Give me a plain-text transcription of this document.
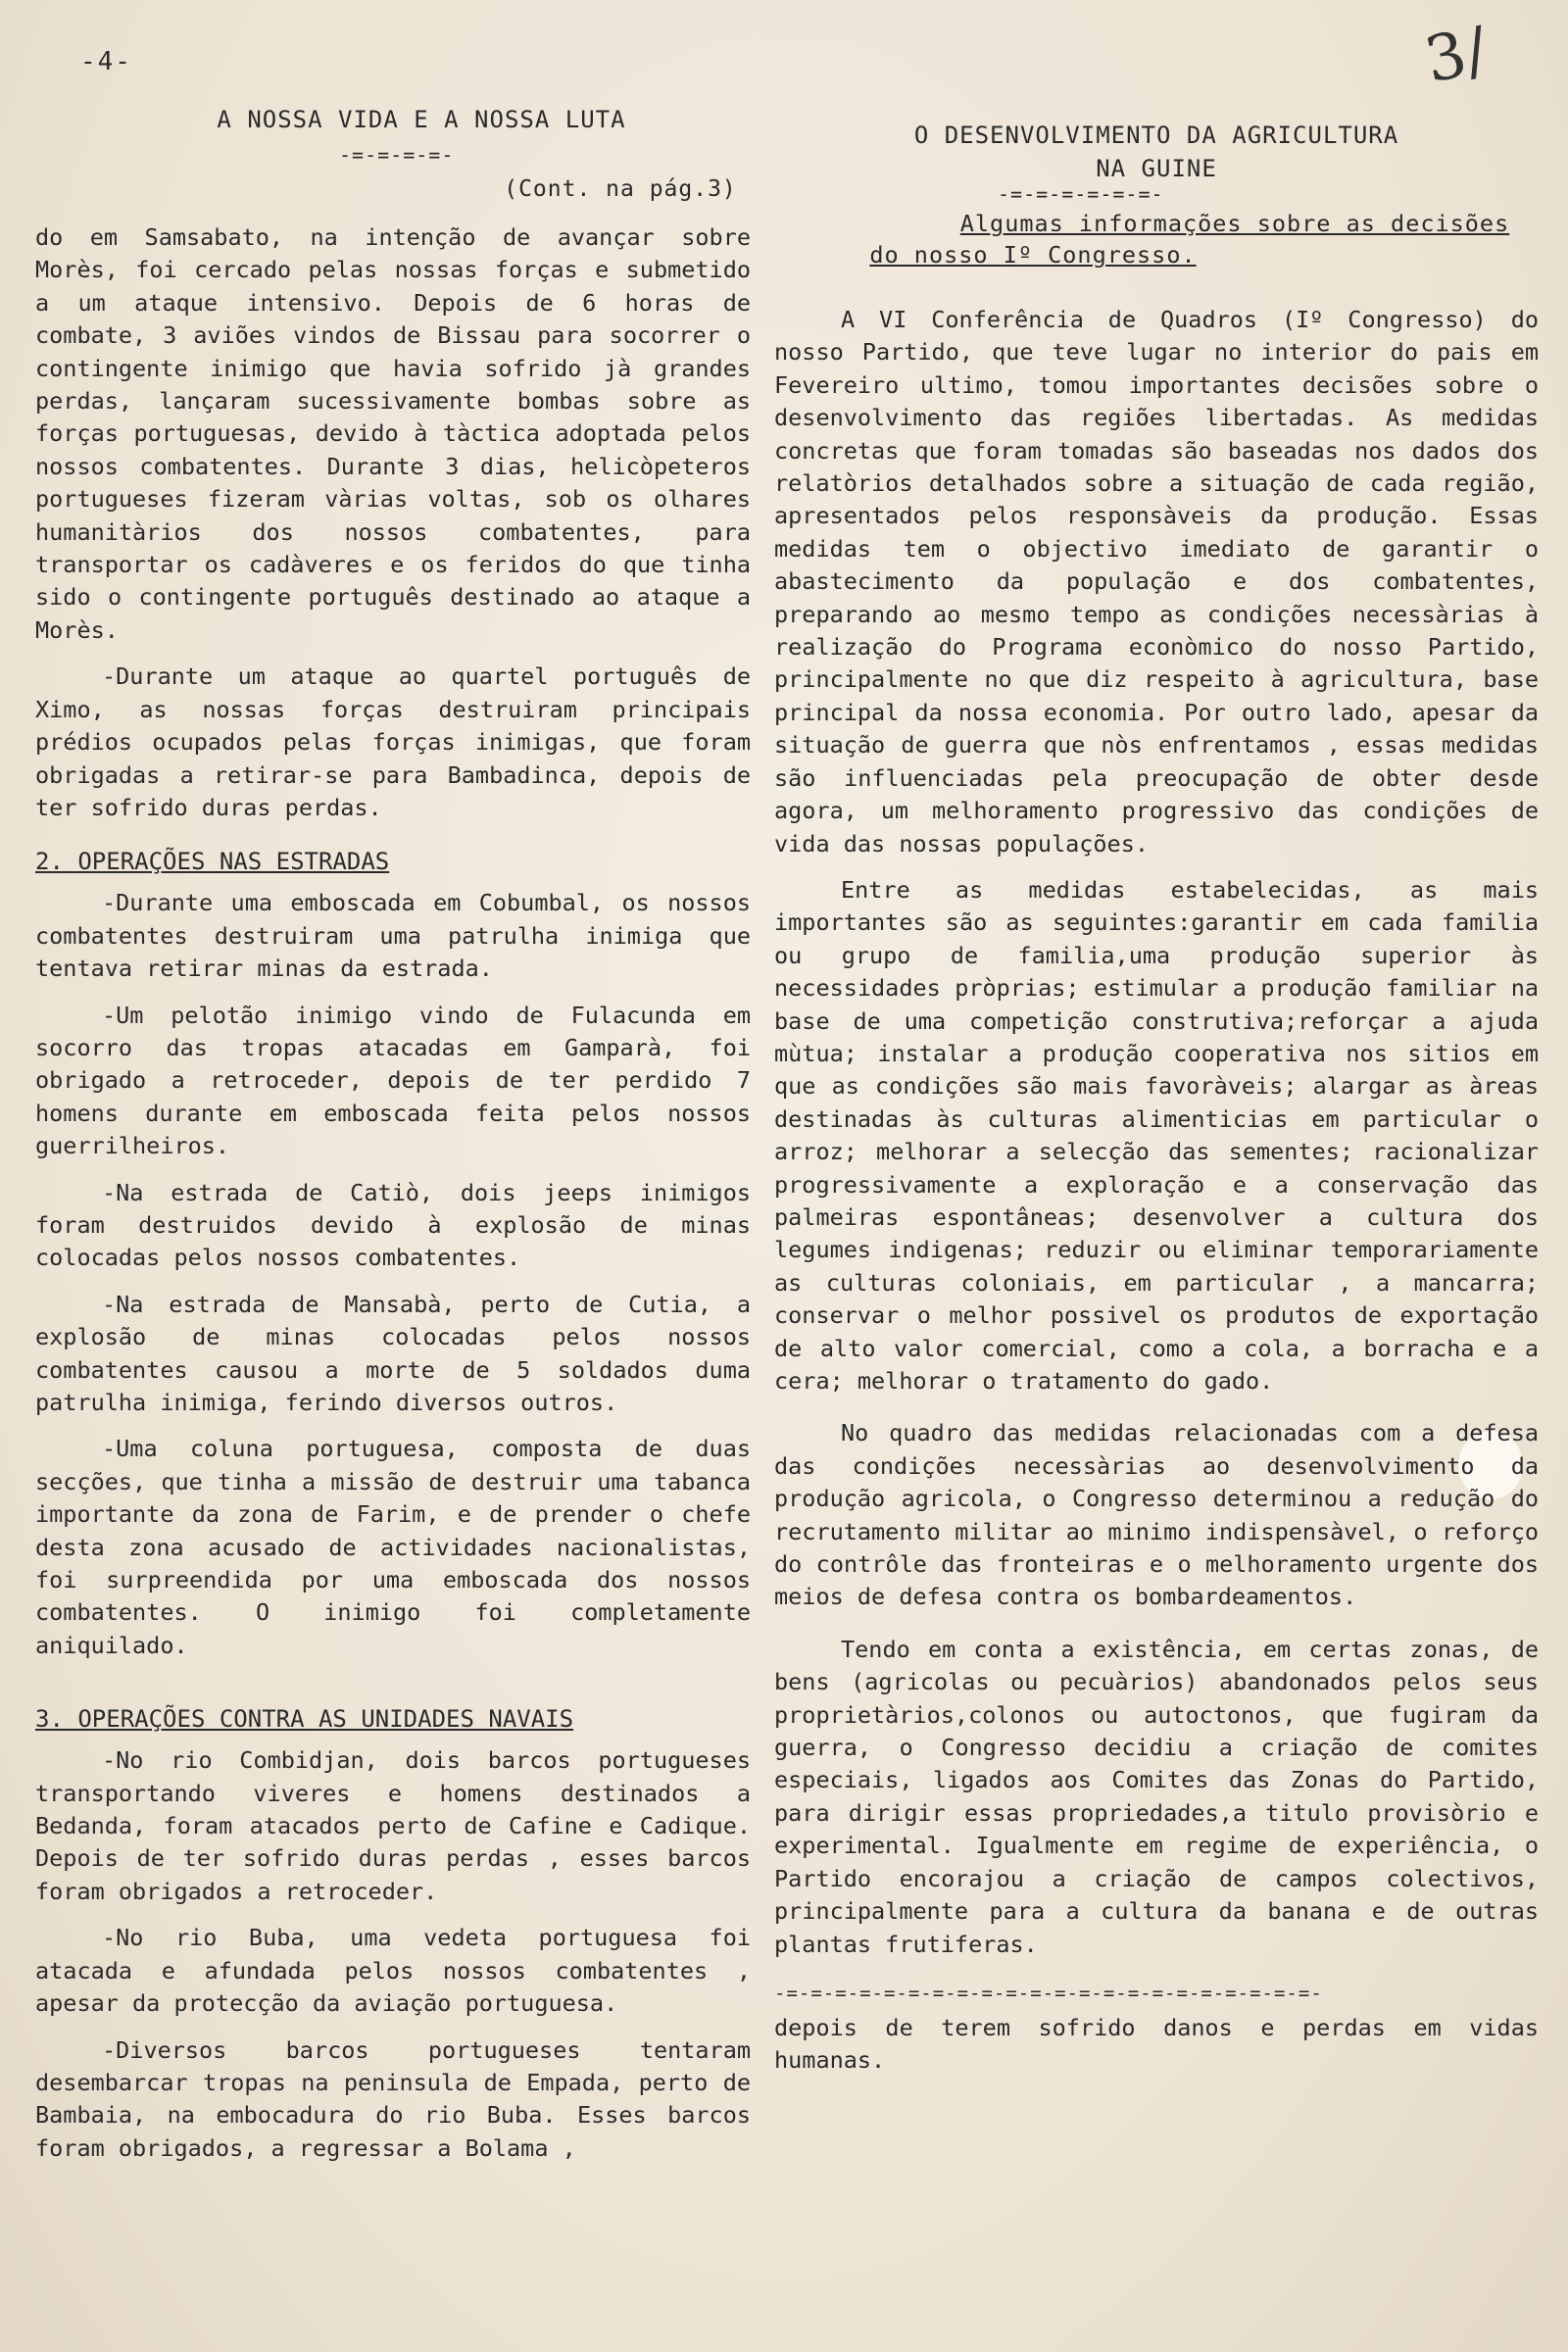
-4-	3/
A NOSSA VIDA E A NOSSA LUTA
-=-=-=-=-
(Cont. na pág.3)

do em Samsabato, na intenção de avançar sobre Morès, foi cercado pelas nossas forças e submetido a um ataque intensivo. Depois de 6 horas de combate, 3 aviões vindos de Bissau para socorrer o contingente inimigo que havia sofrido jà grandes perdas, lançaram sucessivamente bombas sobre as forças portuguesas, devido à tàctica adoptada pelos nossos combatentes. Durante 3 dias, helicòpeteros portugueses fizeram vàrias voltas, sob os olhares humanitàrios dos nossos combatentes, para transportar os cadàveres e os feridos do que tinha sido o contingente português destinado ao ataque a Morès.

-Durante um ataque ao quartel português de Ximo, as nossas forças destruiram principais prédios ocupados pelas forças inimigas, que foram obrigadas a retirar-se para Bambadinca, depois de ter sofrido duras perdas.

2. OPERAÇÕES NAS ESTRADAS

-Durante uma emboscada em Cobumbal, os nossos combatentes destruiram uma patrulha inimiga que tentava retirar minas da estrada.

-Um pelotão inimigo vindo de Fulacunda em socorro das tropas atacadas em Gamparà, foi obrigado a retroceder, depois de ter perdido 7 homens durante em emboscada feita pelos nossos guerrilheiros.

-Na estrada de Catiò, dois jeeps inimigos foram destruidos devido à explosão de minas colocadas pelos nossos combatentes.

-Na estrada de Mansabà, perto de Cutia, a explosão de minas colocadas pelos nossos combatentes causou a morte de 5 soldados duma patrulha inimiga, ferindo diversos outros.

-Uma coluna portuguesa, composta de duas secções, que tinha a missão de destruir uma tabanca importante da zona de Farim, e de prender o chefe desta zona acusado de actividades nacionalistas, foi surpreendida por uma emboscada dos nossos combatentes. O inimigo foi completamente aniquilado.

3. OPERAÇÕES CONTRA AS UNIDADES NAVAIS

-No rio Combidjan, dois barcos portugueses transportando viveres e homens destinados a Bedanda, foram atacados perto de Cafine e Cadique. Depois de ter sofrido duras perdas , esses barcos foram obrigados a retroceder.

-No rio Buba, uma vedeta portuguesa foi atacada e afundada pelos nossos combatentes , apesar da protecção da aviação portuguesa.

-Diversos barcos portugueses tentaram desembarcar tropas na peninsula de Empada, perto de Bambaia, na embocadura do rio Buba. Esses barcos foram obrigados, a regressar a Bolama ,

O DESENVOLVIMENTO DA AGRICULTURA
NA GUINE
-=-=-=-=-=-=-
Algumas informações sobre as decisões
do nosso Iº Congresso.

A VI Conferência de Quadros (Iº Congresso) do nosso Partido, que teve lugar no interior do pais em Fevereiro ultimo, tomou importantes decisões sobre o desenvolvimento das regiões libertadas. As medidas concretas que foram tomadas são baseadas nos dados dos relatòrios detalhados sobre a situação de cada região, apresentados pelos responsàveis da produção. Essas medidas tem o objectivo imediato de garantir o abastecimento da população e dos combatentes, preparando ao mesmo tempo as condições necessàrias à realização do Programa econòmico do nosso Partido, principalmente no que diz respeito à agricultura, base principal da nossa economia. Por outro lado, apesar da situação de guerra que nòs enfrentamos , essas medidas são influenciadas pela preocupação de obter desde agora, um melhoramento progressivo das condições de vida das nossas populações.

Entre as medidas estabelecidas, as mais importantes são as seguintes:garantir em cada familia ou grupo de familia,uma produção superior às necessidades pròprias; estimular a produção familiar na base de uma competição construtiva;reforçar a ajuda mùtua; instalar a produção cooperativa nos sitios em que as condições são mais favoràveis; alargar as àreas destinadas às culturas alimenticias em particular o arroz; melhorar a selecção das sementes; racionalizar progressivamente a exploração e a conservação das palmeiras espontâneas; desenvolver a cultura dos legumes indigenas; reduzir ou eliminar temporariamente as culturas coloniais, em particular , a mancarra; conservar o melhor possivel os produtos de exportação de alto valor comercial, como a cola, a borracha e a cera; melhorar o tratamento do gado.

No quadro das medidas relacionadas com a defesa das condições necessàrias ao desenvolvimento da produção agricola, o Congresso determinou a redução do recrutamento militar ao minimo indispensàvel, o reforço do contrôle das fronteiras e o melhoramento urgente dos meios de defesa contra os bombardeamentos.

Tendo em conta a existência, em certas zonas, de bens (agricolas ou pecuàrios) abandonados pelos seus proprietàrios,colonos ou autoctonos, que fugiram da guerra, o Congresso decidiu a criação de comites especiais, ligados aos Comites das Zonas do Partido, para dirigir essas propriedades,a titulo provisòrio e experimental. Igualmente em regime de experiência, o Partido encorajou a criação de campos colectivos, principalmente para a cultura da banana e de outras plantas frutiferas.

-=-=-=-=-=-=-=-=-=-=-=-=-=-=-=-=-=-=-=-=-=-=-

depois de terem sofrido danos e perdas em vidas humanas.
